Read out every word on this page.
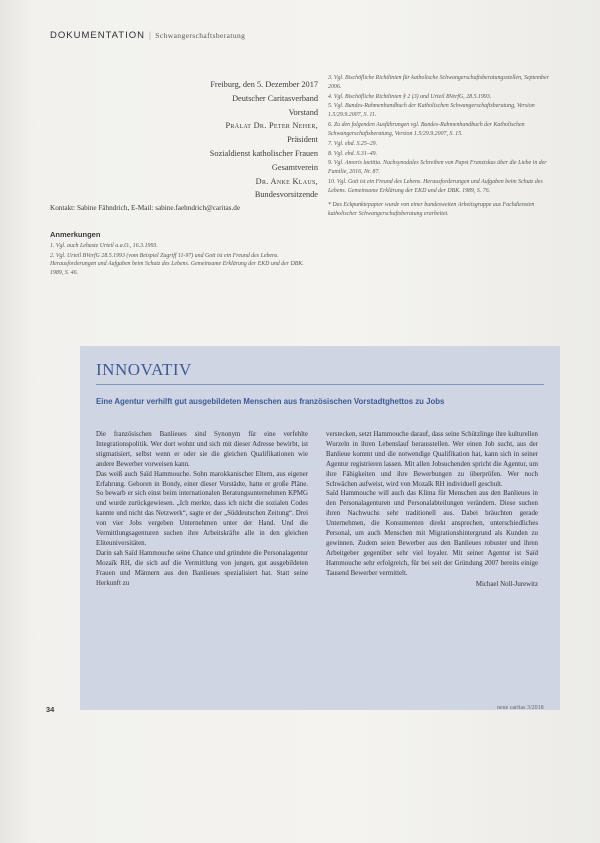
DOKUMENTATION | Schwangerschaftsberatung
Freiburg, den 5. Dezember 2017
Deutscher Caritasverband
Vorstand
Prälat Dr. Peter Neher,
Präsident
Sozialdienst katholischer Frauen
Gesamtverein
Dr. Anke Klaus,
Bundesvorsitzende
Kontakt: Sabine Fähndrich, E-Mail: sabine.faehndrich@caritas.de
Anmerkungen

1. Vgl. auch Lehaste Urteil a.a.O., 16.3.1993.

2. Vgl. Urteil BVerfG 28.5.1993 (vom Beispiel Zugriff 11-97) und Gott ist ein Freund des Lebens. Herausforderungen und Aufgaben beim Schutz des Lebens. Gemeinsame Erklärung der EKD und der DBK. 1989, S. 46.

3. Vgl. Bischöfliche Richtlinien für katholische Schwangerschaftsberatungsstellen, September 2006.

4. Vgl. Bischöfliche Richtlinien § 2 (3) und Urteil BVerfG, 28.5.1993.

5. Vgl. Bundes-Rahmenhandbuch der Katholischen Schwangerschaftsberatung, Version 1.5/29.9.2007, S. 11.

6. Zu den folgenden Ausführungen vgl. Bundes-Rahmenhandbuch der Katholischen Schwangerschaftsberatung, Version 1.5/29.9.2007, S. 15.

7. Vgl. ebd. S.25–29.

8. Vgl. ebd. S.31–49.

9. Vgl. Amoris laetitia. Nachsynodales Schreiben von Papst Franziskus über die Liebe in der Familie, 2016, Nr. 87.

10. Vgl. Gott ist ein Freund des Lebens. Herausforderungen und Aufgaben beim Schutz des Lebens. Gemeinsame Erklärung der EKD und der DBK. 1989, S. 76.

* Das Eckpunktepapier wurde von einer bundesweiten Arbeitsgruppe aus Fachdiensten katholischer Schwangerschaftsberatung erarbeitet.

INNOVATIV
Eine Agentur verhilft gut ausgebildeten Menschen aus französischen Vorstadtghettos zu Jobs

Die französischen Banlieues sind Synonym für eine verfehlte Integrationspolitik. Wer dort wohnt und sich mit dieser Adresse bewirbt, ist stigmatisiert, selbst wenn er oder sie die gleichen Qualifikationen wie andere Bewerber vorweisen kann.

Das weiß auch Saïd Hammouche. Sohn marokkanischer Eltern, aus eigener Erfahrung. Geboren in Bondy, einer dieser Vorstädte, hatte er große Pläne. So bewarb er sich einst beim internationalen Beratungsunternehmen KPMG und wurde zurückgewiesen. „Ich merkte, dass ich nicht die sozialen Codes kannte und nicht das Netzwerk“, sagte er der „Süddeutschen Zeitung“. Drei von vier Jobs vergeben Unternehmen unter der Hand. Und die Vermittlungsagenturen suchen ihre Arbeitskräfte alle in den gleichen Eliteuniversitäten.

Darin sah Saïd Hammouche seine Chance und gründete die Personalagentur Mozaïk RH, die sich auf die Vermittlung von jungen, gut ausgebildeten Frauen und Männern aus den Banlieues spezialisiert hat. Statt seine Herkunft zu

verstecken, setzt Hammouche darauf, dass seine Schützlinge ihre kulturellen Wurzeln in ihren Lebenslauf herausstellen. Wer einen Job sucht, aus der Banlieue kommt und die notwendige Qualifikation hat, kann sich in seiner Agentur registrieren lassen. Mit allen Jobsuchenden spricht die Agentur, um ihre Fähigkeiten und ihre Bewerbungen zu überprüfen. Wer noch Schwächen aufweist, wird von Mozaïk RH individuell geschult.

Saïd Hammouche will auch das Klima für Menschen aus den Banlieues in den Personalagenturen und Personalabteilungen verändern. Diese suchen ihren Nachwuchs sehr traditionell aus. Dabei bräuchten gerade Unternehmen, die Konsumenten direkt ansprechen, unterschiedliches Personal, um auch Menschen mit Migrationshintergrund als Kunden zu gewinnen. Zudem seien Bewerber aus den Banlieues robuster und ihren Arbeitgeber gegenüber sehr viel loyaler. Mit seiner Agentur ist Saïd Hammouche sehr erfolgreich, für bei seit der Gründung 2007 bereits einige Tausend Bewerber vermittelt.

Michael Noll-Jurewitz

34	neue caritas 3/2018
